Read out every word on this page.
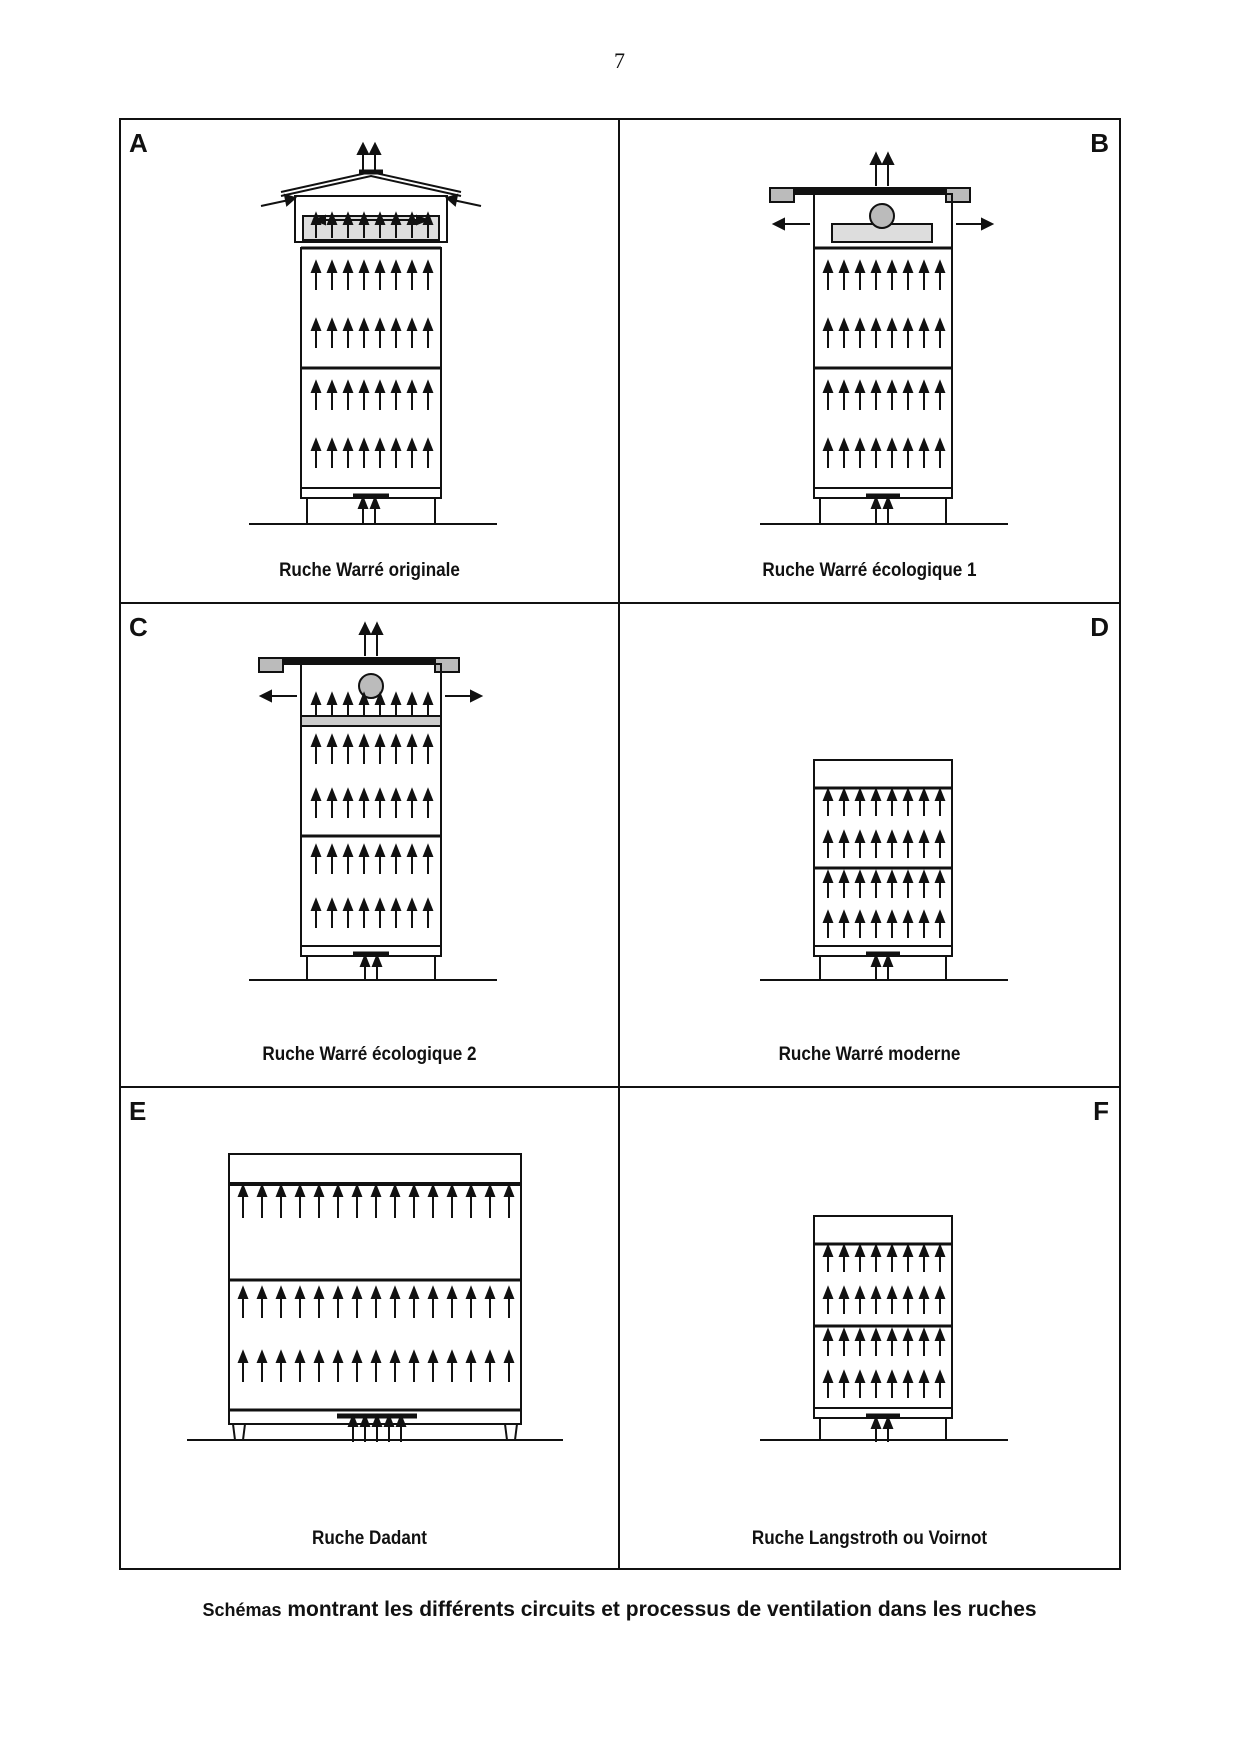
7
A
Ruche Warré originale
B
Ruche Warré écologique 1
C
Ruche Warré écologique 2
D
Ruche Warré moderne
E
Ruche Dadant
F
Ruche Langstroth ou Voirnot
Schémas montrant les différents circuits et processus de ventilation dans les ruches
